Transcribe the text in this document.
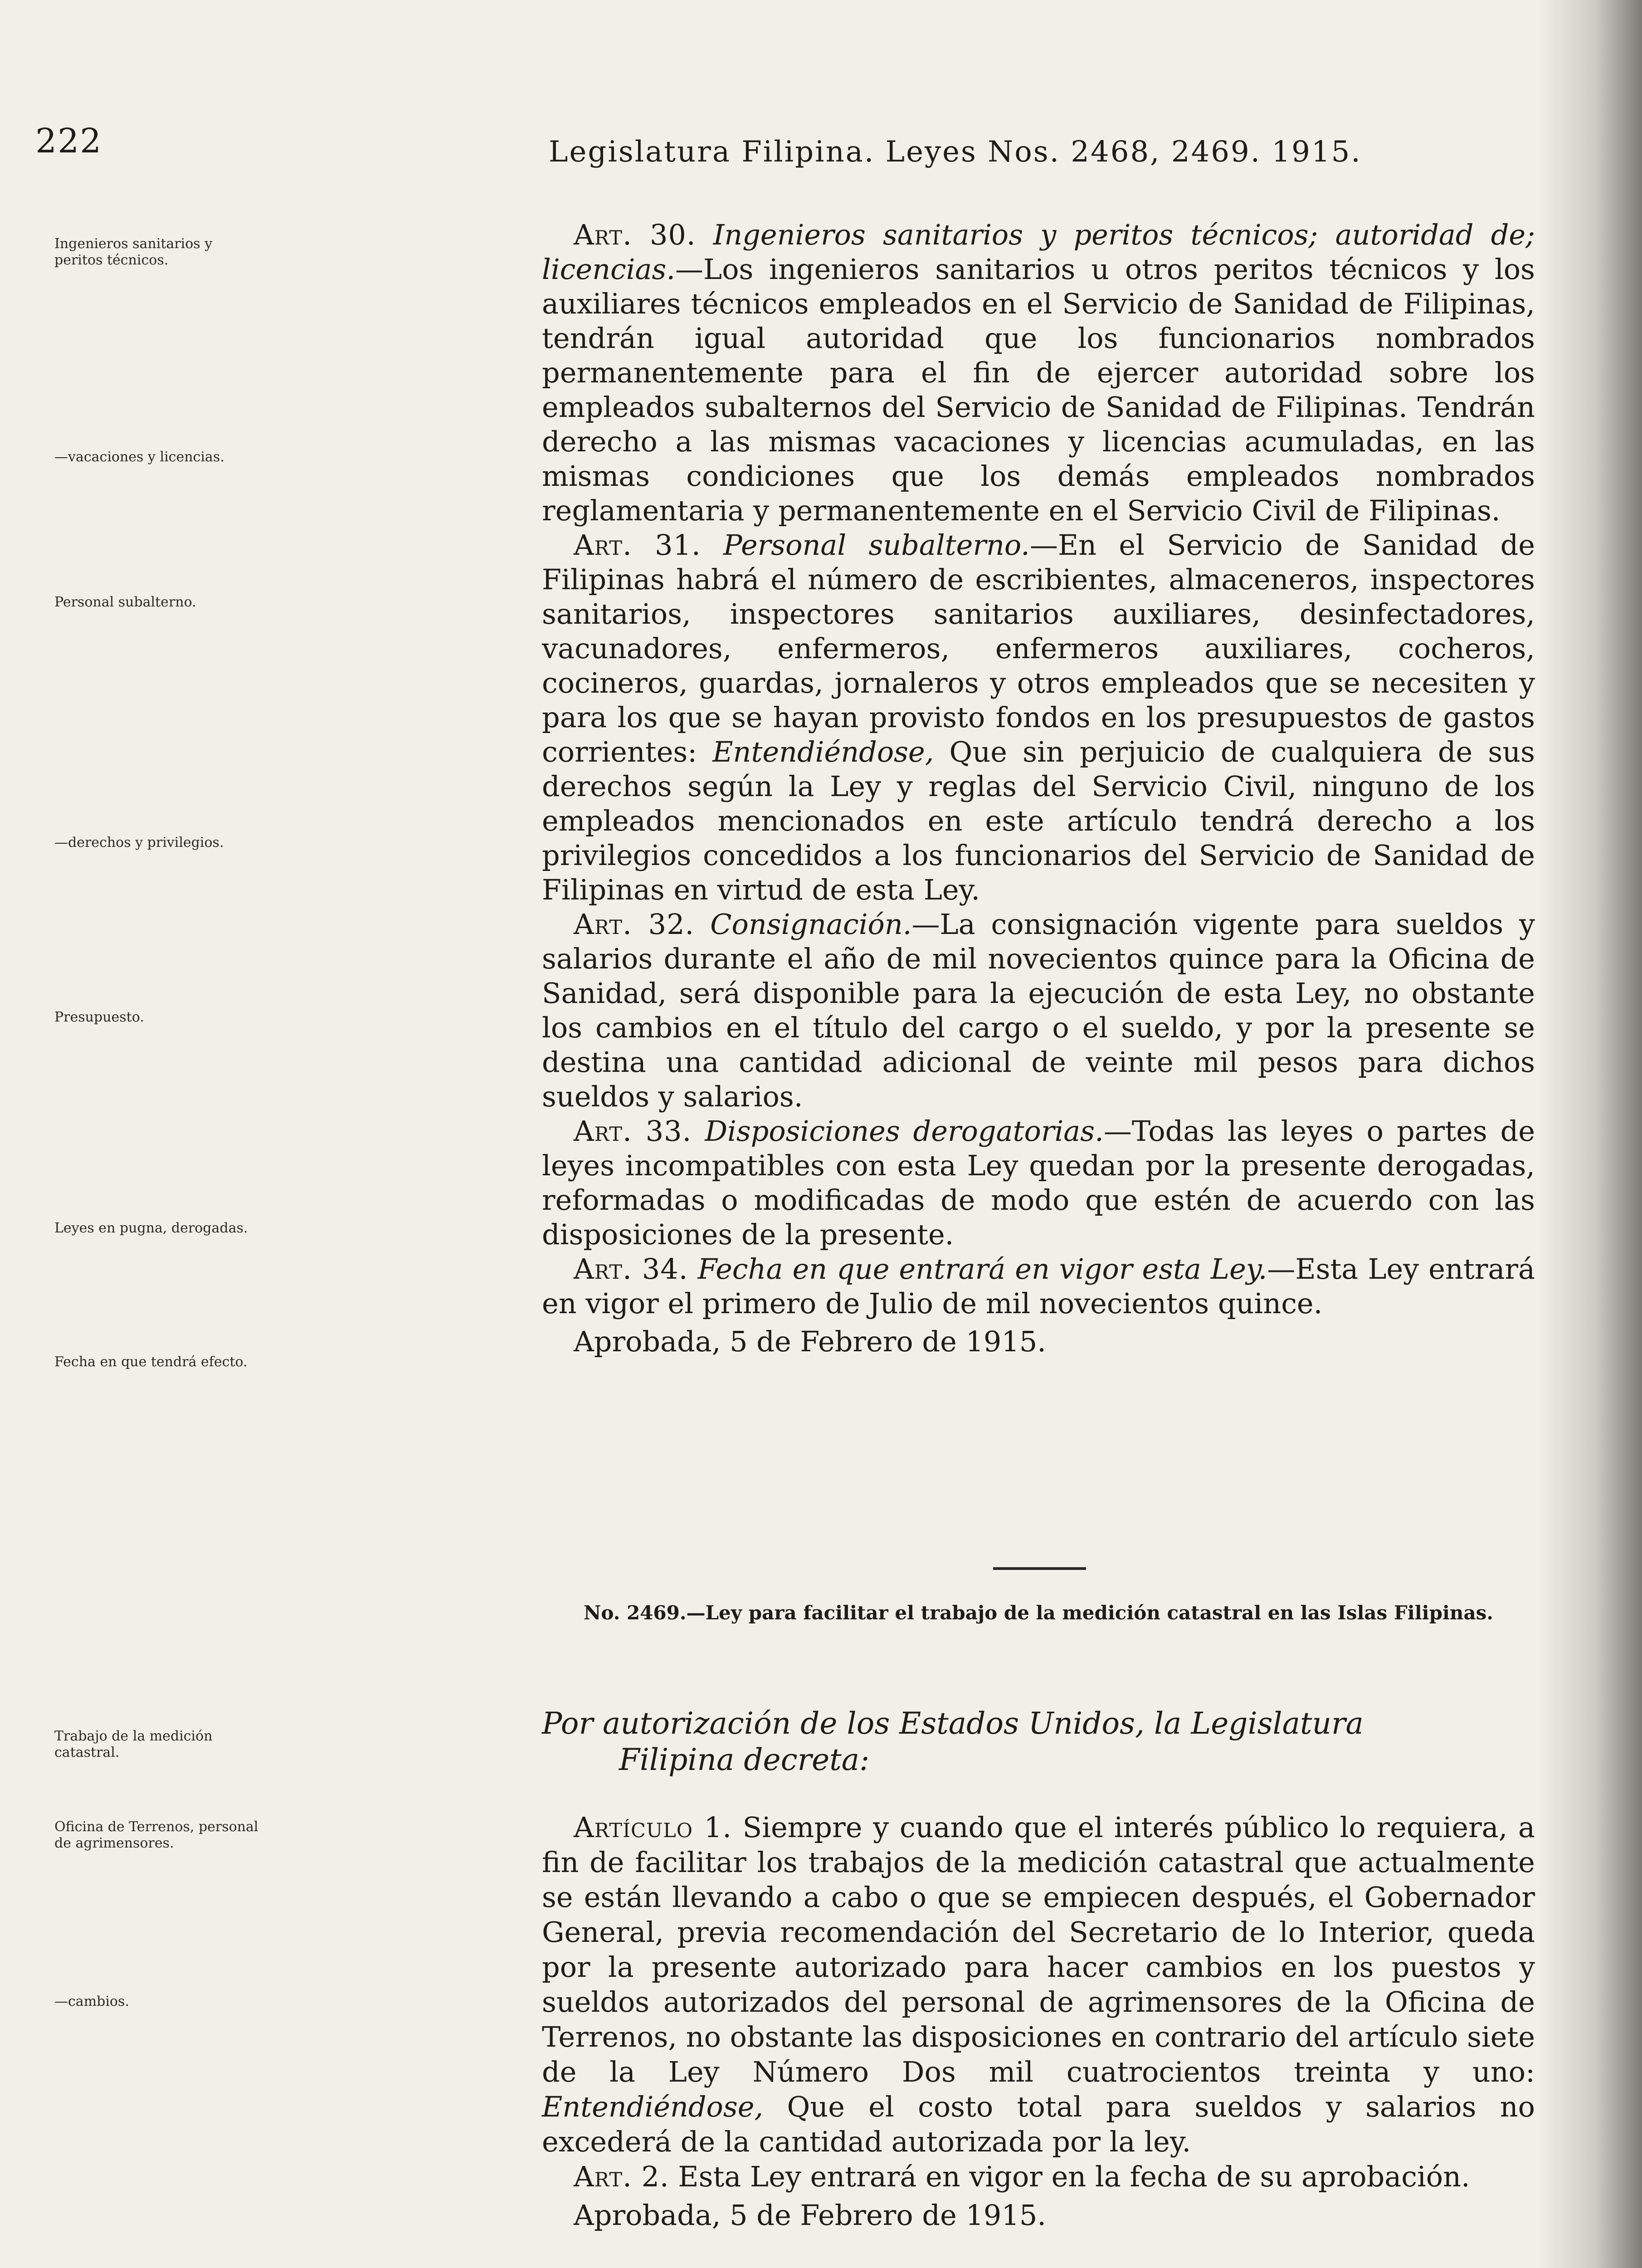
222	Legislatura Filipina. Leyes Nos. 2468, 2469. 1915.
Ingenieros sanitarios y peritos técnicos.
—vacaciones y licencias.
Personal subalterno.
—derechos y privilegios.
Presupuesto.
Leyes en pugna, derogadas.
Fecha en que tendrá efecto.
Trabajo de la medición catastral.
Oficina de Terrenos, personal de agrimensores.
—cambios.

Art. 30. Ingenieros sanitarios y peritos técnicos; autoridad de; licencias.—Los ingenieros sanitarios u otros peritos técnicos y los auxiliares técnicos empleados en el Servicio de Sanidad de Filipinas, tendrán igual autoridad que los funcionarios nombrados permanentemente para el fin de ejercer autoridad sobre los empleados subalternos del Servicio de Sanidad de Filipinas. Tendrán derecho a las mismas vacaciones y licencias acumuladas, en las mismas condiciones que los demás empleados nombrados reglamentaria y permanentemente en el Servicio Civil de Filipinas.

Art. 31. Personal subalterno.—En el Servicio de Sanidad de Filipinas habrá el número de escribientes, almaceneros, inspectores sanitarios, inspectores sanitarios auxiliares, desinfectadores, vacunadores, enfermeros, enfermeros auxiliares, cocheros, cocineros, guardas, jornaleros y otros empleados que se necesiten y para los que se hayan provisto fondos en los presupuestos de gastos corrientes: Entendiéndose, Que sin perjuicio de cualquiera de sus derechos según la Ley y reglas del Servicio Civil, ninguno de los empleados mencionados en este artículo tendrá derecho a los privilegios concedidos a los funcionarios del Servicio de Sanidad de Filipinas en virtud de esta Ley.

Art. 32. Consignación.—La consignación vigente para sueldos y salarios durante el año de mil novecientos quince para la Oficina de Sanidad, será disponible para la ejecución de esta Ley, no obstante los cambios en el título del cargo o el sueldo, y por la presente se destina una cantidad adicional de veinte mil pesos para dichos sueldos y salarios.

Art. 33. Disposiciones derogatorias.—Todas las leyes o partes de leyes incompatibles con esta Ley quedan por la presente derogadas, reformadas o modificadas de modo que estén de acuerdo con las disposiciones de la presente.

Art. 34. Fecha en que entrará en vigor esta Ley.—Esta Ley entrará en vigor el primero de Julio de mil novecientos quince.

Aprobada, 5 de Febrero de 1915.

No. 2469.—Ley para facilitar el trabajo de la medición catastral en las Islas Filipinas.
Por autorización de los Estados Unidos, la Legislatura
Filipina decreta:

Artículo 1. Siempre y cuando que el interés público lo requiera, a fin de facilitar los trabajos de la medición catastral que actualmente se están llevando a cabo o que se empiecen después, el Gobernador General, previa recomendación del Secretario de lo Interior, queda por la presente autorizado para hacer cambios en los puestos y sueldos autorizados del personal de agrimensores de la Oficina de Terrenos, no obstante las disposiciones en contrario del artículo siete de la Ley Número Dos mil cuatrocientos treinta y uno: Entendiéndose, Que el costo total para sueldos y salarios no excederá de la cantidad autorizada por la ley.

Art. 2. Esta Ley entrará en vigor en la fecha de su aprobación.

Aprobada, 5 de Febrero de 1915.
